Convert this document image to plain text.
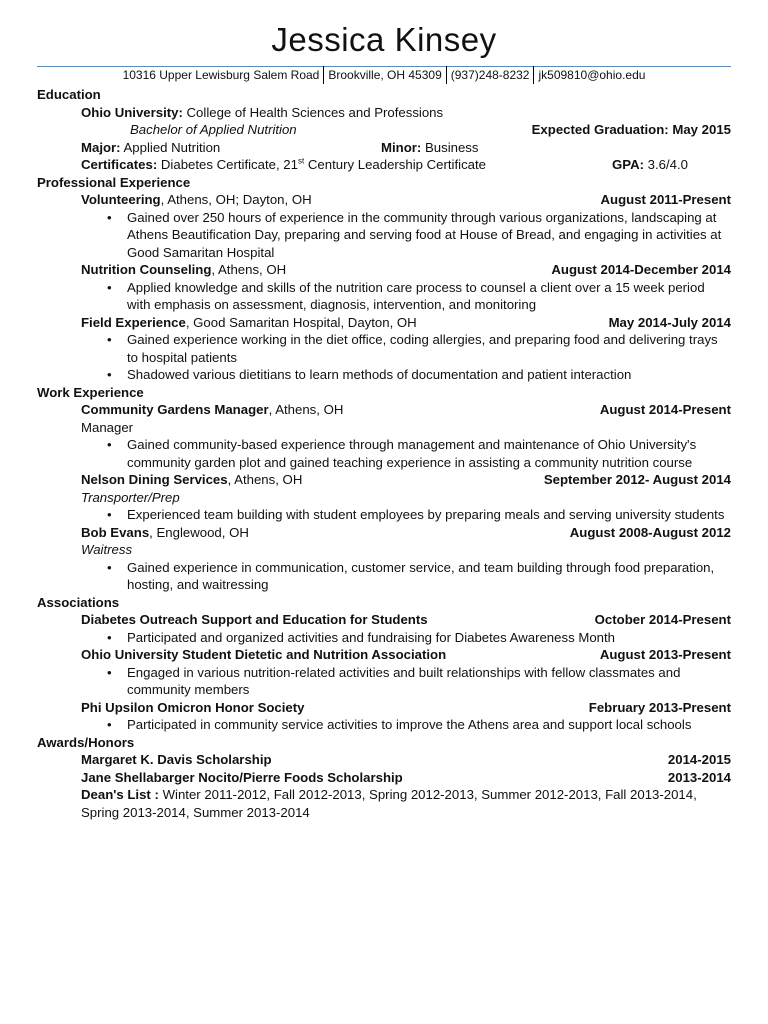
Jessica Kinsey
10316 Upper Lewisburg Salem Road Brookville, OH 45309 (937)248-8232 jk509810@ohio.edu
Education
Ohio University: College of Health Sciences and Professions
Bachelor of Applied Nutrition	Expected Graduation: May 2015
Major: Applied Nutrition	Minor: Business
Certificates: Diabetes Certificate, 21st Century Leadership Certificate	GPA: 3.6/4.0
Professional Experience
Volunteering, Athens, OH; Dayton, OH	August 2011-Present
• Gained over 250 hours of experience in the community through various organizations, landscaping at Athens Beautification Day, preparing and serving food at House of Bread, and engaging in activities at Good Samaritan Hospital
Nutrition Counseling, Athens, OH	August 2014-December 2014
• Applied knowledge and skills of the nutrition care process to counsel a client over a 15 week period with emphasis on assessment, diagnosis, intervention, and monitoring
Field Experience, Good Samaritan Hospital, Dayton, OH	May 2014-July 2014
• Gained experience working in the diet office, coding allergies, and preparing food and delivering trays to hospital patients
• Shadowed various dietitians to learn methods of documentation and patient interaction
Work Experience
Community Gardens Manager, Athens, OH	August 2014-Present
Manager
• Gained community-based experience through management and maintenance of Ohio University's community garden plot and gained teaching experience in assisting a community nutrition course
Nelson Dining Services, Athens, OH	September 2012- August 2014
Transporter/Prep
• Experienced team building with student employees by preparing meals and serving university students
Bob Evans, Englewood, OH	August 2008-August 2012
Waitress
• Gained experience in communication, customer service, and team building through food preparation, hosting, and waitressing
Associations
Diabetes Outreach Support and Education for Students	October 2014-Present
• Participated and organized activities and fundraising for Diabetes Awareness Month
Ohio University Student Dietetic and Nutrition Association	August 2013-Present
• Engaged in various nutrition-related activities and built relationships with fellow classmates and community members
Phi Upsilon Omicron Honor Society	February 2013-Present
• Participated in community service activities to improve the Athens area and support local schools
Awards/Honors
Margaret K. Davis Scholarship	2014-2015
Jane Shellabarger Nocito/Pierre Foods Scholarship	2013-2014
Dean's List : Winter 2011-2012, Fall 2012-2013, Spring 2012-2013, Summer 2012-2013, Fall 2013-2014, Spring 2013-2014, Summer 2013-2014
